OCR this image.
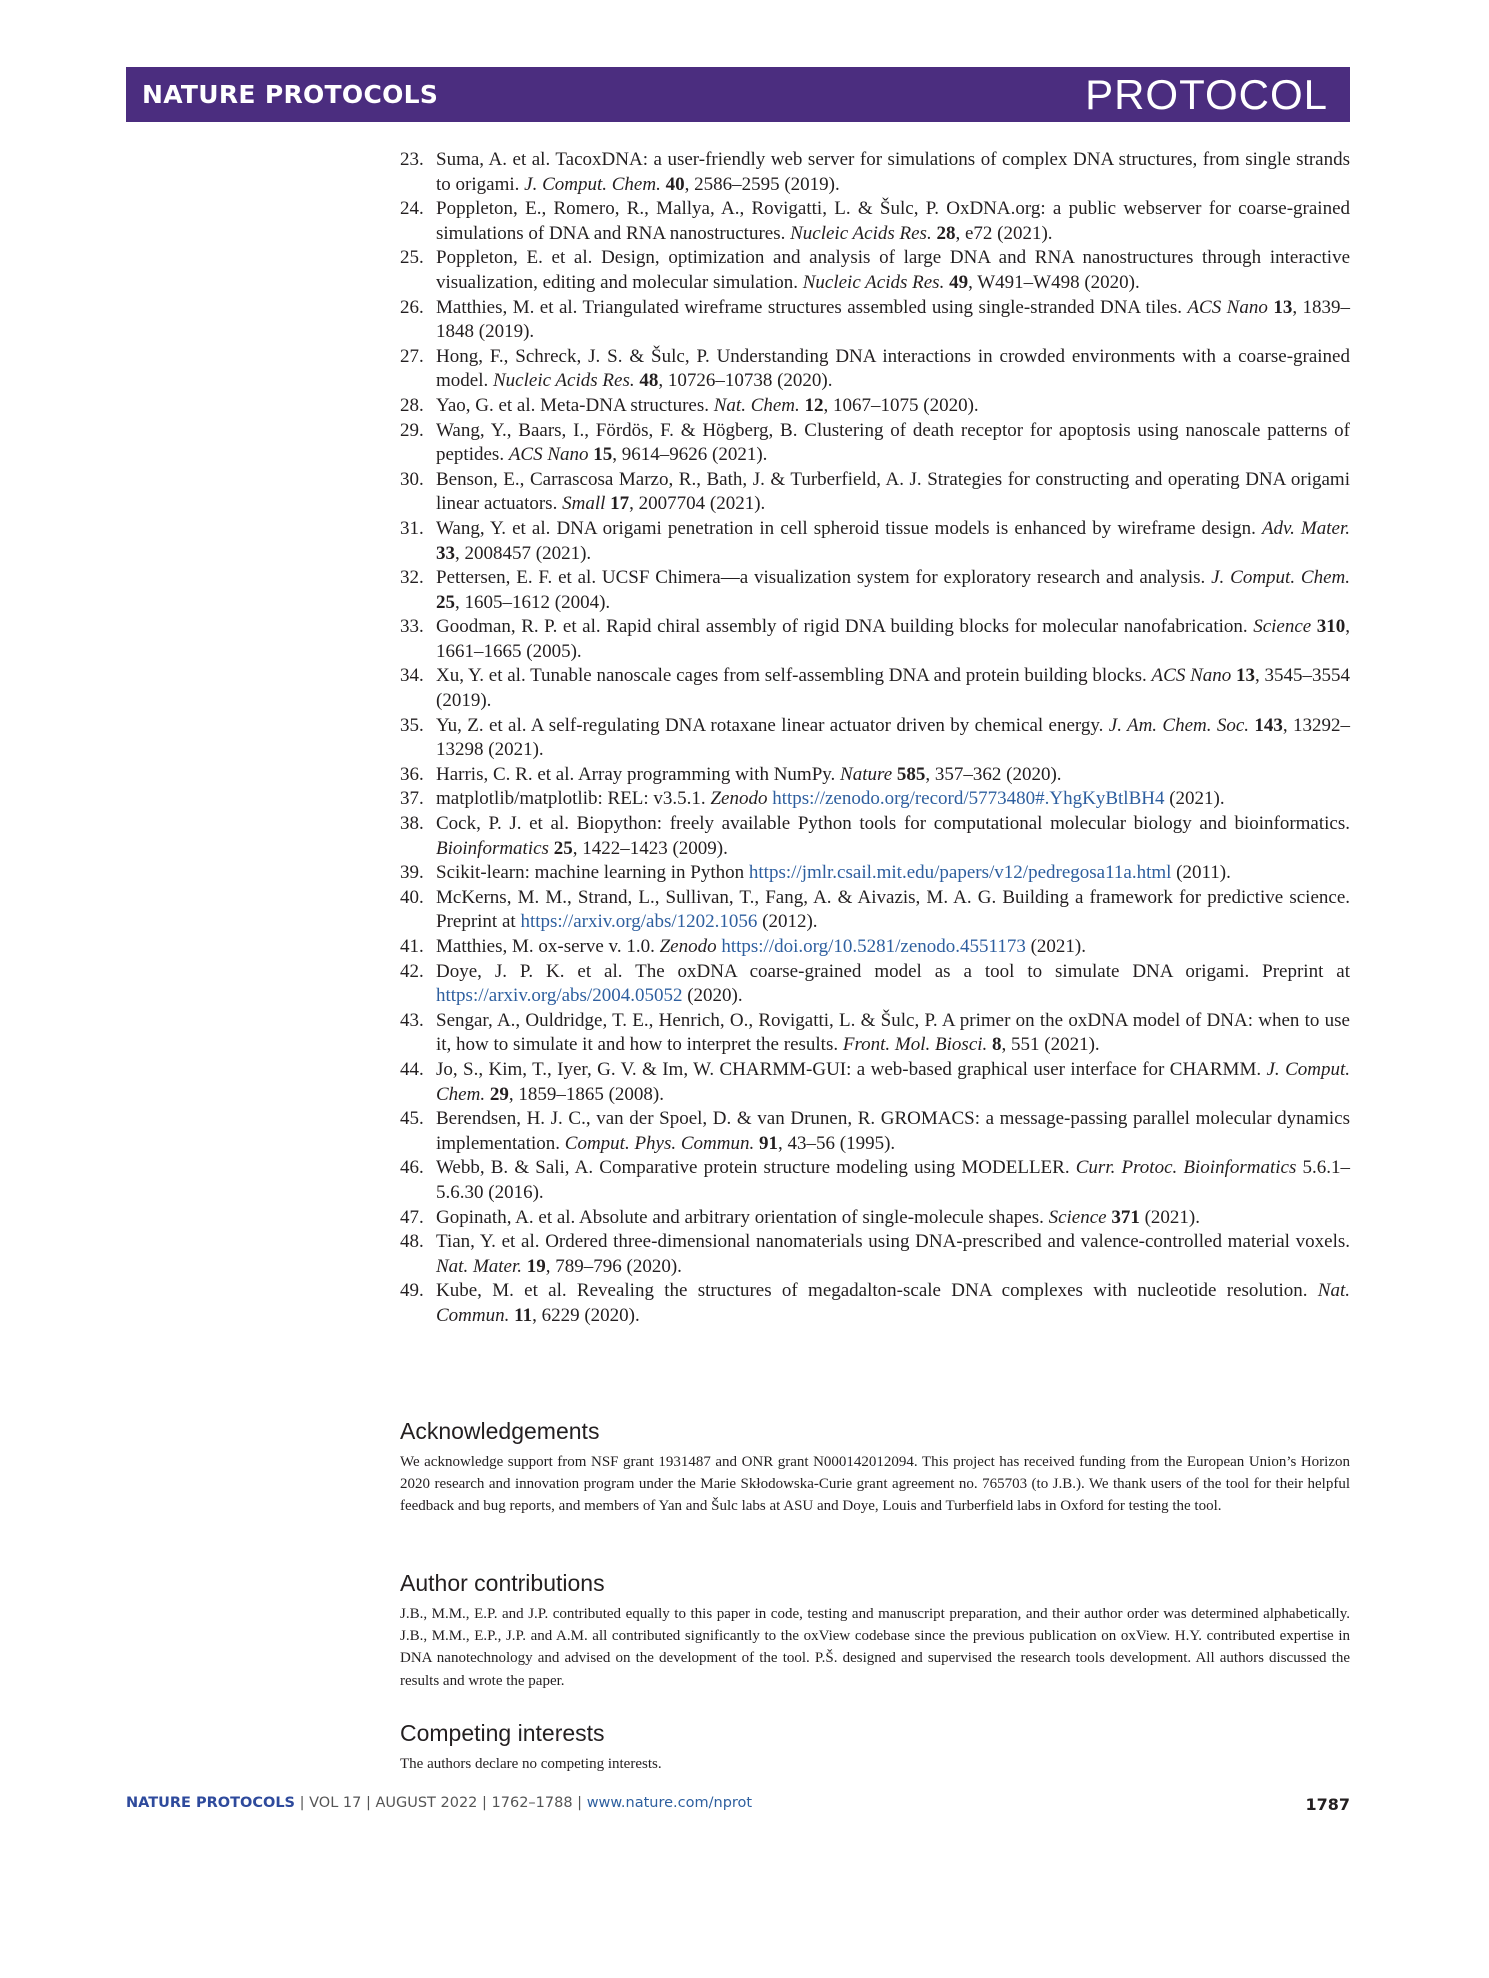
NATURE PROTOCOLS	PROTOCOL
23. Suma, A. et al. TacoxDNA: a user-friendly web server for simulations of complex DNA structures, from single strands to origami. J. Comput. Chem. 40, 2586–2595 (2019).
24. Poppleton, E., Romero, R., Mallya, A., Rovigatti, L. & Šulc, P. OxDNA.org: a public webserver for coarse-grained simulations of DNA and RNA nanostructures. Nucleic Acids Res. 28, e72 (2021).
25. Poppleton, E. et al. Design, optimization and analysis of large DNA and RNA nanostructures through interactive visualization, editing and molecular simulation. Nucleic Acids Res. 49, W491–W498 (2020).
26. Matthies, M. et al. Triangulated wireframe structures assembled using single-stranded DNA tiles. ACS Nano 13, 1839–1848 (2019).
27. Hong, F., Schreck, J. S. & Šulc, P. Understanding DNA interactions in crowded environments with a coarse-grained model. Nucleic Acids Res. 48, 10726–10738 (2020).
28. Yao, G. et al. Meta-DNA structures. Nat. Chem. 12, 1067–1075 (2020).
29. Wang, Y., Baars, I., Fördös, F. & Högberg, B. Clustering of death receptor for apoptosis using nanoscale patterns of peptides. ACS Nano 15, 9614–9626 (2021).
30. Benson, E., Carrascosa Marzo, R., Bath, J. & Turberfield, A. J. Strategies for constructing and operating DNA origami linear actuators. Small 17, 2007704 (2021).
31. Wang, Y. et al. DNA origami penetration in cell spheroid tissue models is enhanced by wireframe design. Adv. Mater. 33, 2008457 (2021).
32. Pettersen, E. F. et al. UCSF Chimera—a visualization system for exploratory research and analysis. J. Comput. Chem. 25, 1605–1612 (2004).
33. Goodman, R. P. et al. Rapid chiral assembly of rigid DNA building blocks for molecular nanofabrication. Science 310, 1661–1665 (2005).
34. Xu, Y. et al. Tunable nanoscale cages from self-assembling DNA and protein building blocks. ACS Nano 13, 3545–3554 (2019).
35. Yu, Z. et al. A self-regulating DNA rotaxane linear actuator driven by chemical energy. J. Am. Chem. Soc. 143, 13292–13298 (2021).
36. Harris, C. R. et al. Array programming with NumPy. Nature 585, 357–362 (2020).
37. matplotlib/matplotlib: REL: v3.5.1. Zenodo https://zenodo.org/record/5773480#.YhgKyBtlBH4 (2021).
38. Cock, P. J. et al. Biopython: freely available Python tools for computational molecular biology and bioinformatics. Bioinformatics 25, 1422–1423 (2009).
39. Scikit-learn: machine learning in Python https://jmlr.csail.mit.edu/papers/v12/pedregosa11a.html (2011).
40. McKerns, M. M., Strand, L., Sullivan, T., Fang, A. & Aivazis, M. A. G. Building a framework for predictive science. Preprint at https://arxiv.org/abs/1202.1056 (2012).
41. Matthies, M. ox-serve v. 1.0. Zenodo https://doi.org/10.5281/zenodo.4551173 (2021).
42. Doye, J. P. K. et al. The oxDNA coarse-grained model as a tool to simulate DNA origami. Preprint at https://arxiv.org/abs/2004.05052 (2020).
43. Sengar, A., Ouldridge, T. E., Henrich, O., Rovigatti, L. & Šulc, P. A primer on the oxDNA model of DNA: when to use it, how to simulate it and how to interpret the results. Front. Mol. Biosci. 8, 551 (2021).
44. Jo, S., Kim, T., Iyer, G. V. & Im, W. CHARMM-GUI: a web-based graphical user interface for CHARMM. J. Comput. Chem. 29, 1859–1865 (2008).
45. Berendsen, H. J. C., van der Spoel, D. & van Drunen, R. GROMACS: a message-passing parallel molecular dynamics implementation. Comput. Phys. Commun. 91, 43–56 (1995).
46. Webb, B. & Sali, A. Comparative protein structure modeling using MODELLER. Curr. Protoc. Bioinformatics 5.6.1–5.6.30 (2016).
47. Gopinath, A. et al. Absolute and arbitrary orientation of single-molecule shapes. Science 371 (2021).
48. Tian, Y. et al. Ordered three-dimensional nanomaterials using DNA-prescribed and valence-controlled material voxels. Nat. Mater. 19, 789–796 (2020).
49. Kube, M. et al. Revealing the structures of megadalton-scale DNA complexes with nucleotide resolution. Nat. Commun. 11, 6229 (2020).
Acknowledgements

We acknowledge support from NSF grant 1931487 and ONR grant N000142012094. This project has received funding from the European Union’s Horizon 2020 research and innovation program under the Marie Skłodowska-Curie grant agreement no. 765703 (to J.B.). We thank users of the tool for their helpful feedback and bug reports, and members of Yan and Šulc labs at ASU and Doye, Louis and Turberfield labs in Oxford for testing the tool.

Author contributions

J.B., M.M., E.P. and J.P. contributed equally to this paper in code, testing and manuscript preparation, and their author order was determined alphabetically. J.B., M.M., E.P., J.P. and A.M. all contributed significantly to the oxView codebase since the previous publication on oxView. H.Y. contributed expertise in DNA nanotechnology and advised on the development of the tool. P.Š. designed and supervised the research tools development. All authors discussed the results and wrote the paper.

Competing interests

The authors declare no competing interests.

NATURE PROTOCOLS | VOL 17 | AUGUST 2022 | 1762–1788 | www.nature.com/nprot	1787
